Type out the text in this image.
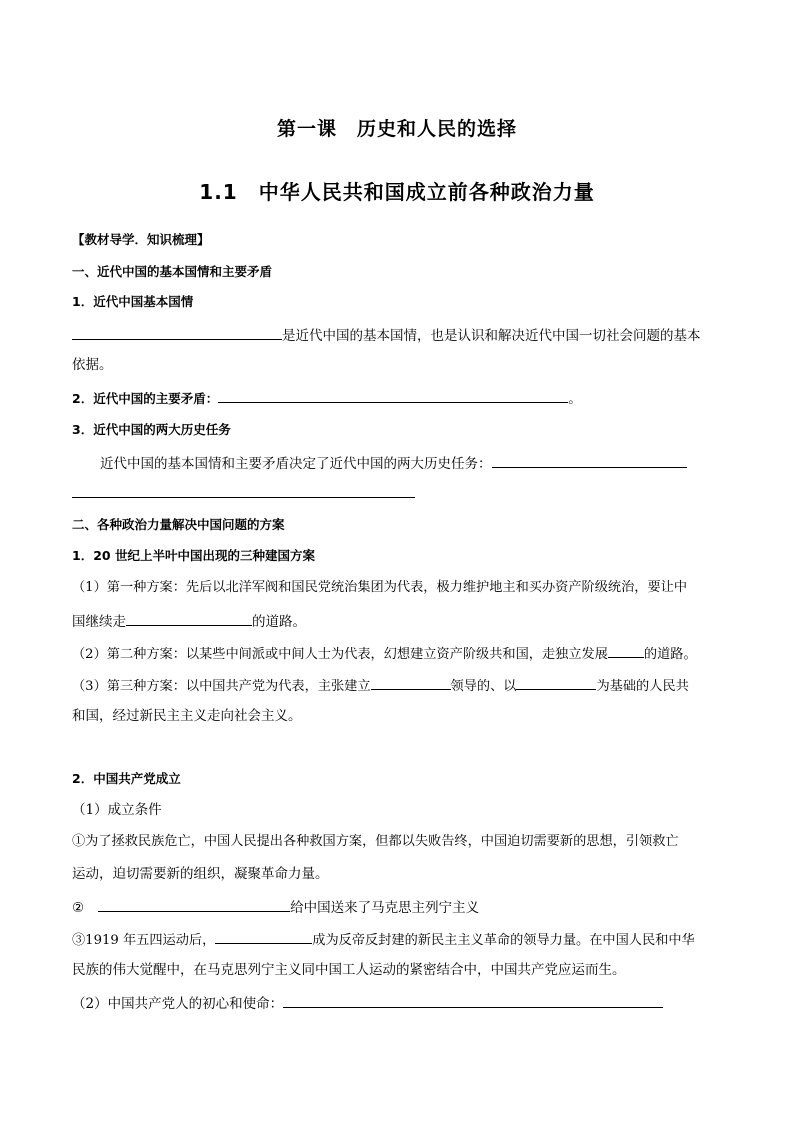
第一课　历史和人民的选择
1.1　中华人民共和国成立前各种政治力量
【教材导学．知识梳理】
一、近代中国的基本国情和主要矛盾
1．近代中国基本国情
是近代中国的基本国情，也是认识和解决近代中国一切社会问题的基本
依据。
2．近代中国的主要矛盾：	。
3．近代中国的两大历史任务
近代中国的基本国情和主要矛盾决定了近代中国的两大历史任务：
二、各种政治力量解决中国问题的方案
1．20 世纪上半叶中国出现的三种建国方案
（1）第一种方案：先后以北洋军阀和国民党统治集团为代表，极力维护地主和买办资产阶级统治，要让中
国继续走	的道路。
（2）第二种方案：以某些中间派或中间人士为代表，幻想建立资产阶级共和国，走独立发展	的道路。
（3）第三种方案：以中国共产党为代表，主张建立	领导的、以	为基础的人民共
和国，经过新民主主义走向社会主义。
2．中国共产党成立
（1）成立条件
①为了拯救民族危亡，中国人民提出各种救国方案，但都以失败告终，中国迫切需要新的思想，引领救亡
运动，迫切需要新的组织，凝聚革命力量。
②	给中国送来了马克思主列宁主义
③1919 年五四运动后，	成为反帝反封建的新民主主义革命的领导力量。在中国人民和中华
民族的伟大觉醒中，在马克思列宁主义同中国工人运动的紧密结合中，中国共产党应运而生。
（2）中国共产党人的初心和使命：
